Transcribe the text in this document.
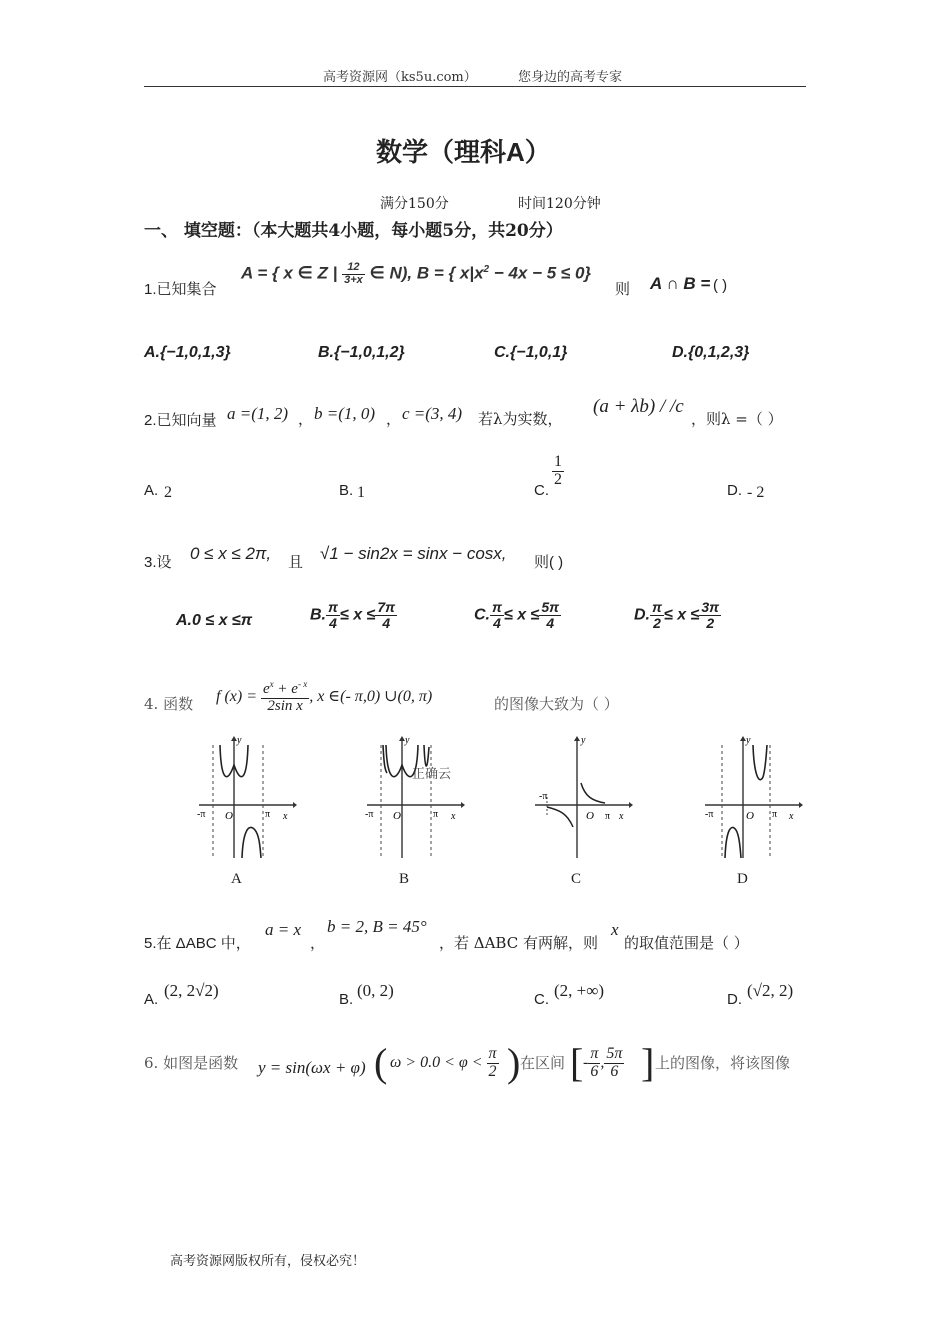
高考资源网（ks5u.com）	您身边的高考专家
数学（理科A）
满分150分	时间120分钟
一、 填空题：（本大题共4小题，每小题5分，共20分）
1.已知集合
A = { x ∈ Z | $\frac{12}{3+x}$ ∈ N), B = { $x|x^2 - 4x - 5 \le 0$}
则 A ∩ B = ( )
A.{−1,0,1,3}	B.{−1,0,1,2}	C.{−1,0,1}	D.{0,1,2,3}
2.已知向量 a =(1, 2) ， b =(1, 0) ， c =(3, 4) 若λ为实数，
(a + λb) / /c
，则λ =（ ）
A. 2	B. 1	C.
$\frac{1}{2}$
D. - 2
3.设 0 ≤ x ≤ 2π, 且 √1 − sin2x = sinx − cosx, 则( )
A.0 ≤ x ≤π	B. $\frac{\pi}{4} \le x \le \frac{7\pi}{4}$	C. $\frac{\pi}{4} \le x \le \frac{5\pi}{4}$	D. $\frac{\pi}{2} \le x \le \frac{3\pi}{2}$
4. 函数 f $(x) = \frac{e^x + e^{- x}}{\text{2sin x}}$ , x ∈(- π,0) ∪(0, π)	的图像大致为（ ）
y
x
-π	π
O
A
y
x
-π	π
O
正确云
B
y
x
-π
π
O
C
y
x
-π	π
O
D
5.在 ΔABC 中，
a = x
，
b = 2, B = 45°
，若 ΔABC 有两解，则
x
的取值范围是（ ）
A. (2, 2√2)	B. (0, 2)	C. (2, +∞)	D. (√2, 2)
6. 如图是函数 y = sin(ωx + φ) ( $\omega > 0.0 < \varphi < \frac{\pi}{2}$ ) 在区间 [ - $\frac{\pi}{6}$ , $\frac{5\pi}{6}$ ] 上的图像，将该图像
高考资源网版权所有，侵权必究！
